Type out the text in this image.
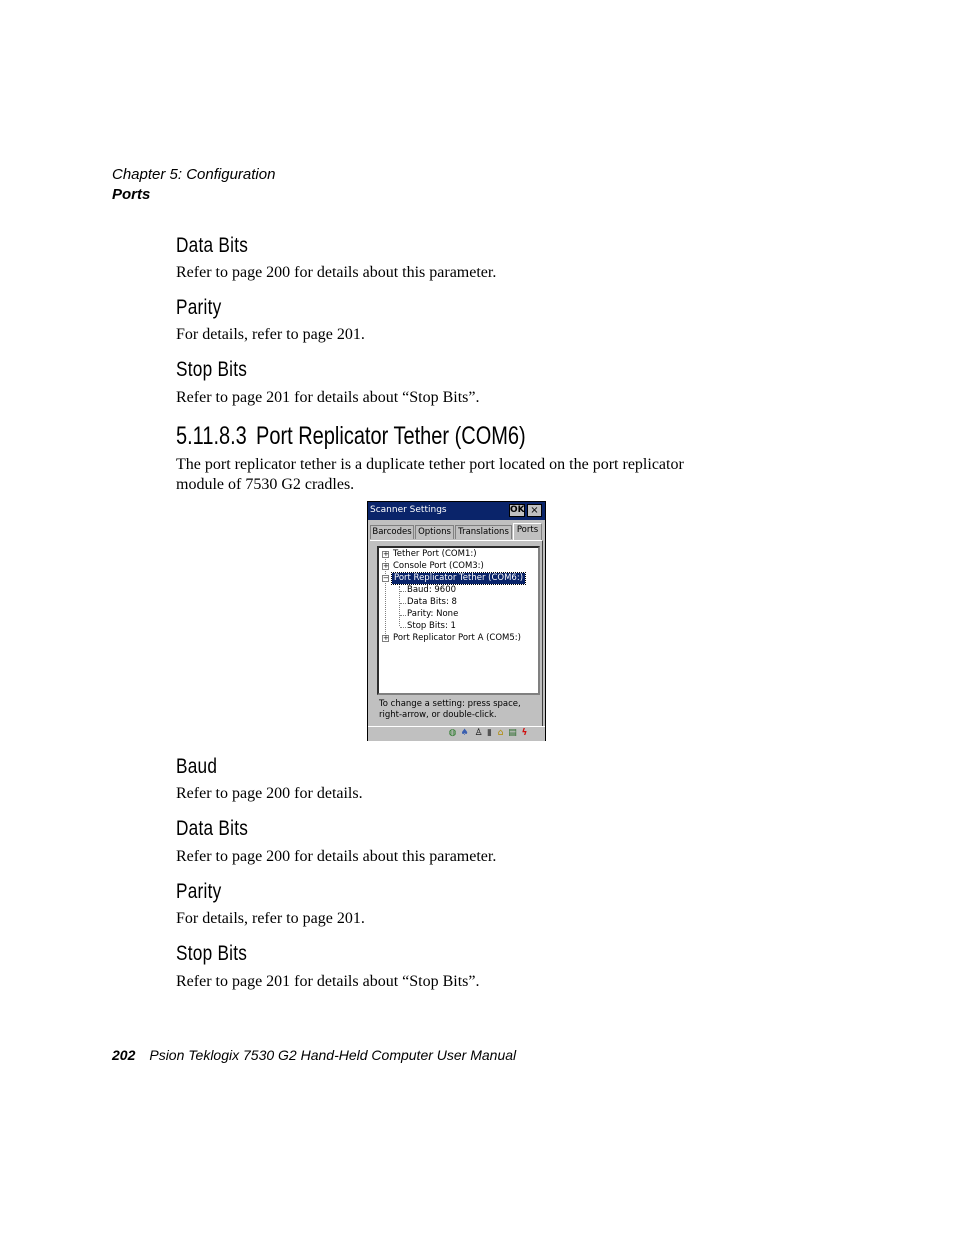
Chapter 5: Configuration
Ports
Data Bits
Refer to page 200 for details about this parameter.
Parity
For details, refer to page 201.
Stop Bits
Refer to page 201 for details about “Stop Bits”.
5.11.8.3 Port Replicator Tether (COM6)
The port replicator tether is a duplicate tether port located on the port replicator module of 7530 G2 cradles.
Scanner Settings	OK ×
Barcodes Options Translations Ports
+ Tether Port (COM1:)
+ Console Port (COM3:)
− Port Replicator Tether (COM6:)
Baud: 9600
Data Bits: 8
Parity: None
Stop Bits: 1
+ Port Replicator Port A (COM5:)
To change a setting: press space, right-arrow, or double-click.
◍ ♠ ♙ ▮ ⌂ ▤ ϟ
Baud
Refer to page 200 for details.
Data Bits
Refer to page 200 for details about this parameter.
Parity
For details, refer to page 201.
Stop Bits
Refer to page 201 for details about “Stop Bits”.
202 Psion Teklogix 7530 G2 Hand-Held Computer User Manual
